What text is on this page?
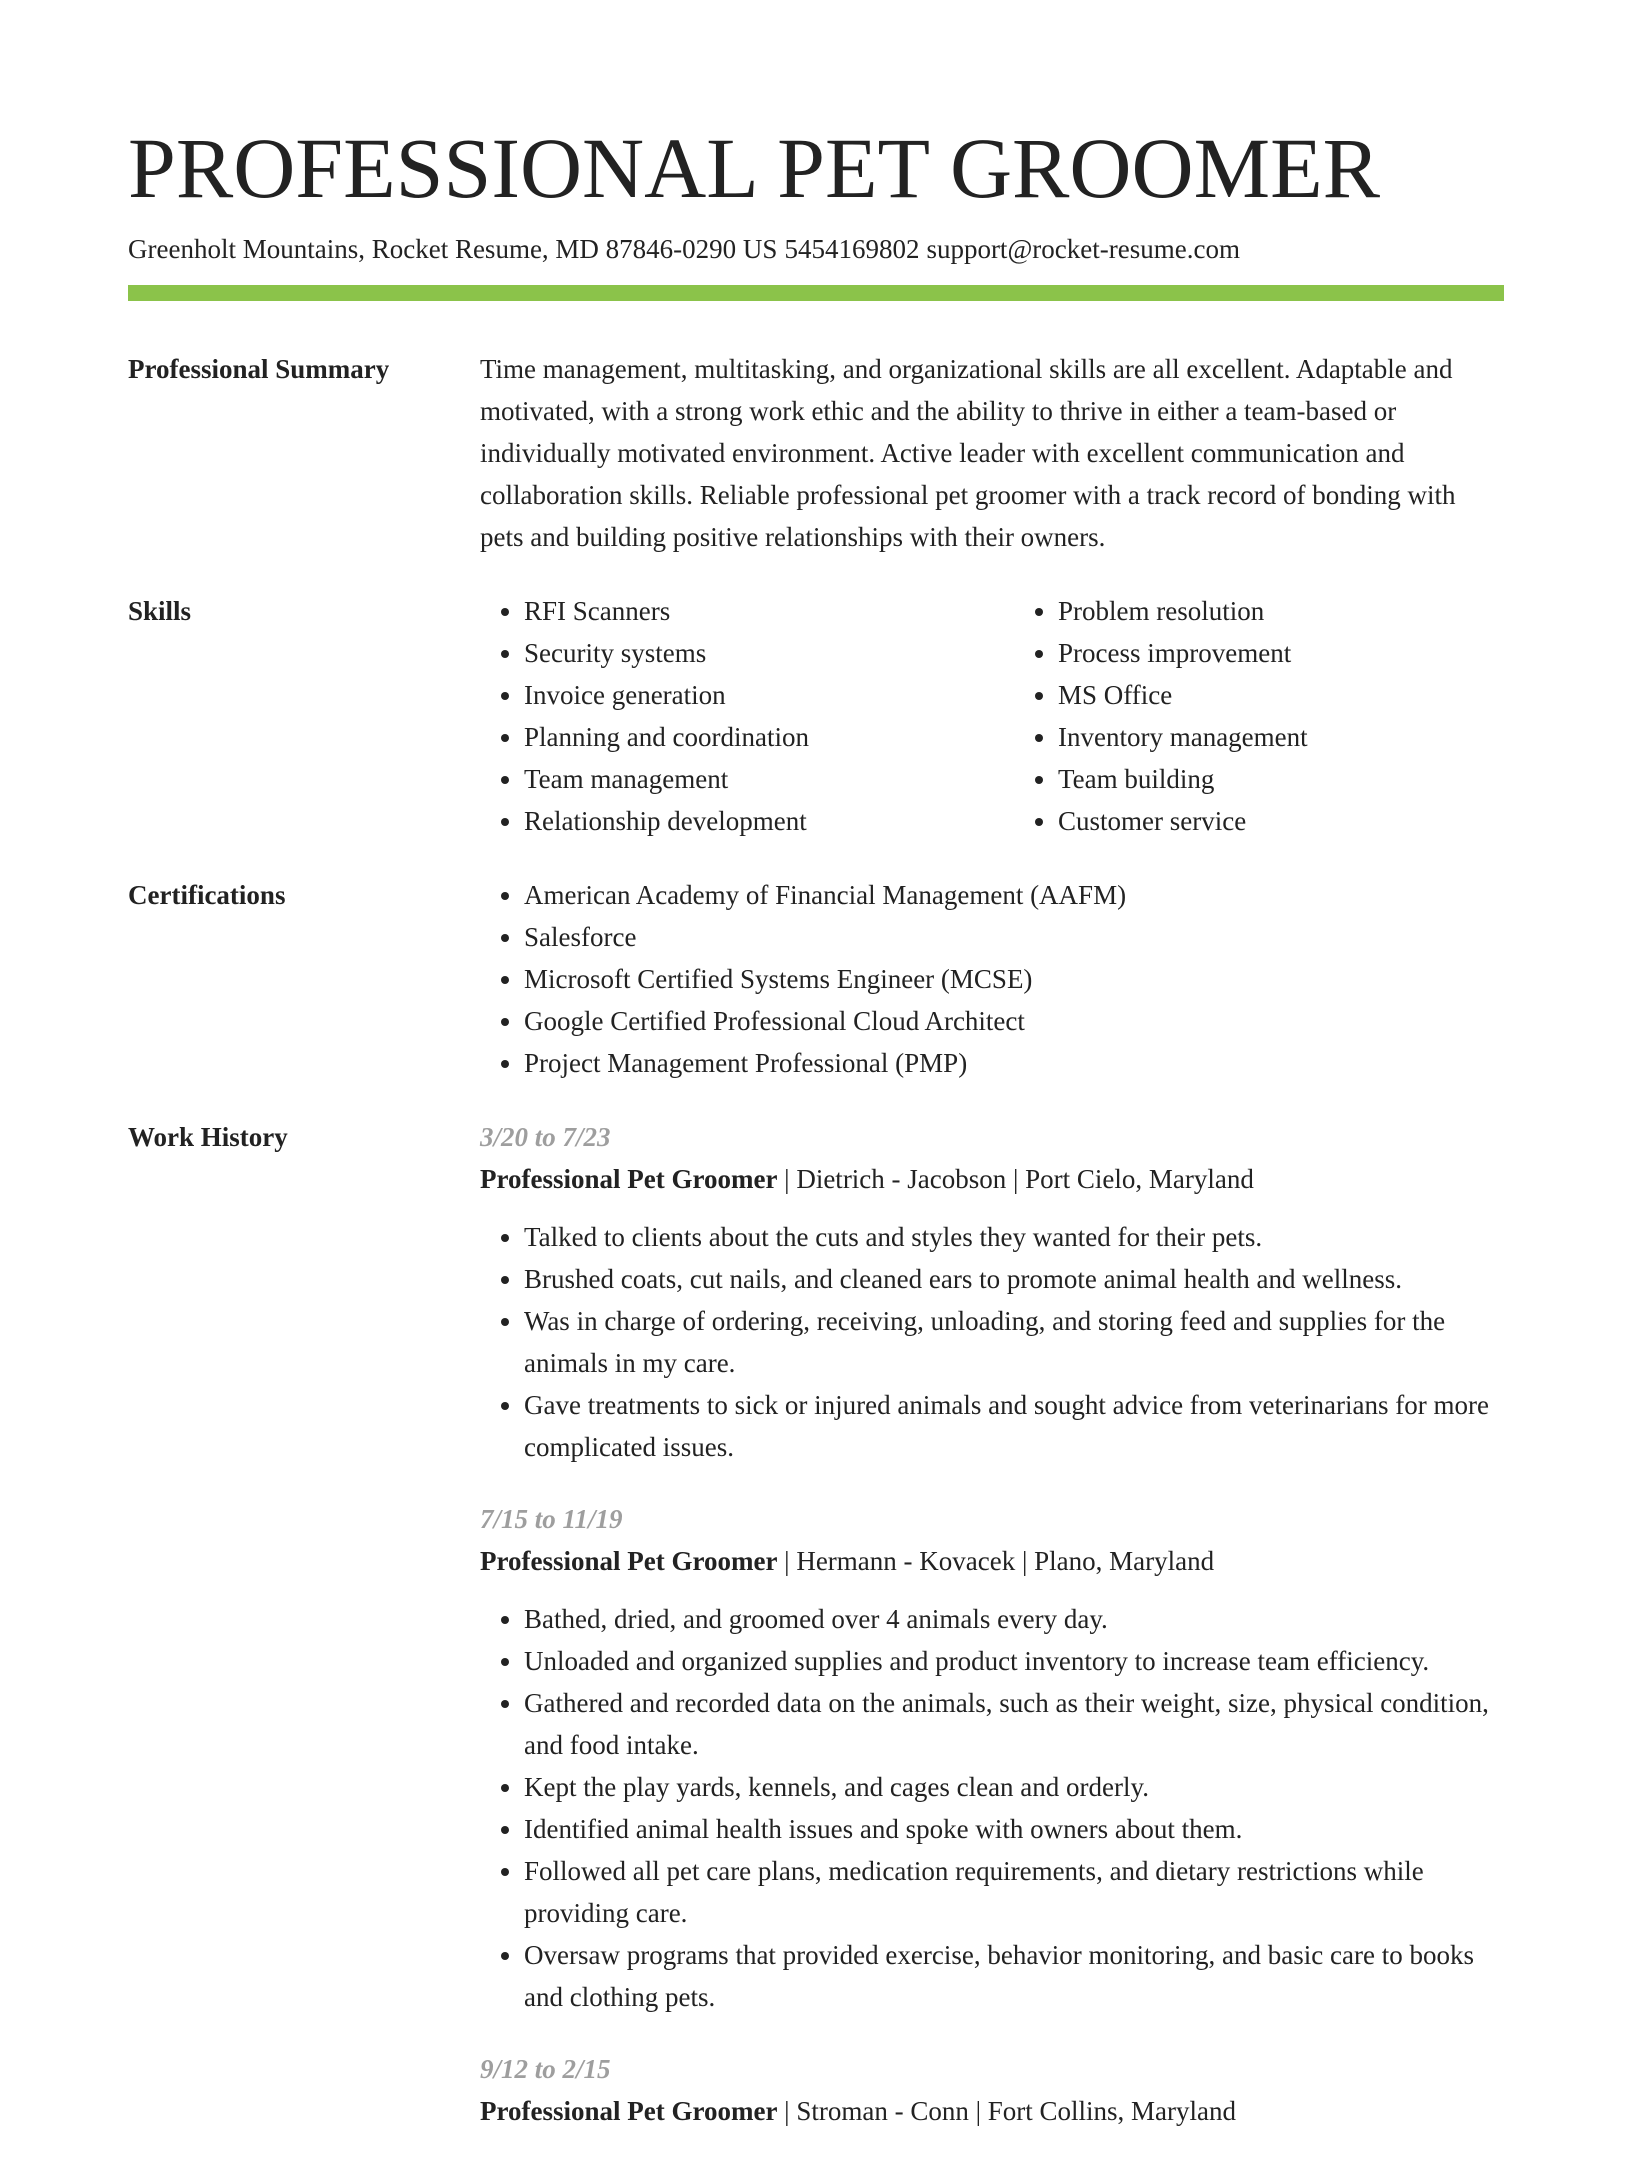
PROFESSIONAL PET GROOMER
Greenholt Mountains, Rocket Resume, MD 87846-0290 US 5454169802 support@rocket-resume.com
Professional Summary	Time management, multitasking, and organizational skills are all excellent. Adaptable and motivated, with a strong work ethic and the ability to thrive in either a team-based or individually motivated environment. Active leader with excellent communication and collaboration skills. Reliable professional pet groomer with a track record of bonding with pets and building positive relationships with their owners.

Skills	• RFI Scanners
• Security systems
• Invoice generation
• Planning and coordination
• Team management
• Relationship development
• Problem resolution
• Process improvement
• MS Office
• Inventory management
• Team building
• Customer service
Certifications	• American Academy of Financial Management (AAFM)
• Salesforce
• Microsoft Certified Systems Engineer (MCSE)
• Google Certified Professional Cloud Architect
• Project Management Professional (PMP)
Work History	3/20 to 7/23
Professional Pet Groomer | Dietrich - Jacobson | Port Cielo, Maryland
• Talked to clients about the cuts and styles they wanted for their pets.
• Brushed coats, cut nails, and cleaned ears to promote animal health and wellness.
• Was in charge of ordering, receiving, unloading, and storing feed and supplies for the animals in my care.
• Gave treatments to sick or injured animals and sought advice from veterinarians for more complicated issues.
7/15 to 11/19
Professional Pet Groomer | Hermann - Kovacek | Plano, Maryland
• Bathed, dried, and groomed over 4 animals every day.
• Unloaded and organized supplies and product inventory to increase team efficiency.
• Gathered and recorded data on the animals, such as their weight, size, physical condition, and food intake.
• Kept the play yards, kennels, and cages clean and orderly.
• Identified animal health issues and spoke with owners about them.
• Followed all pet care plans, medication requirements, and dietary restrictions while providing care.
• Oversaw programs that provided exercise, behavior monitoring, and basic care to books and clothing pets.
9/12 to 2/15
Professional Pet Groomer | Stroman - Conn | Fort Collins, Maryland
